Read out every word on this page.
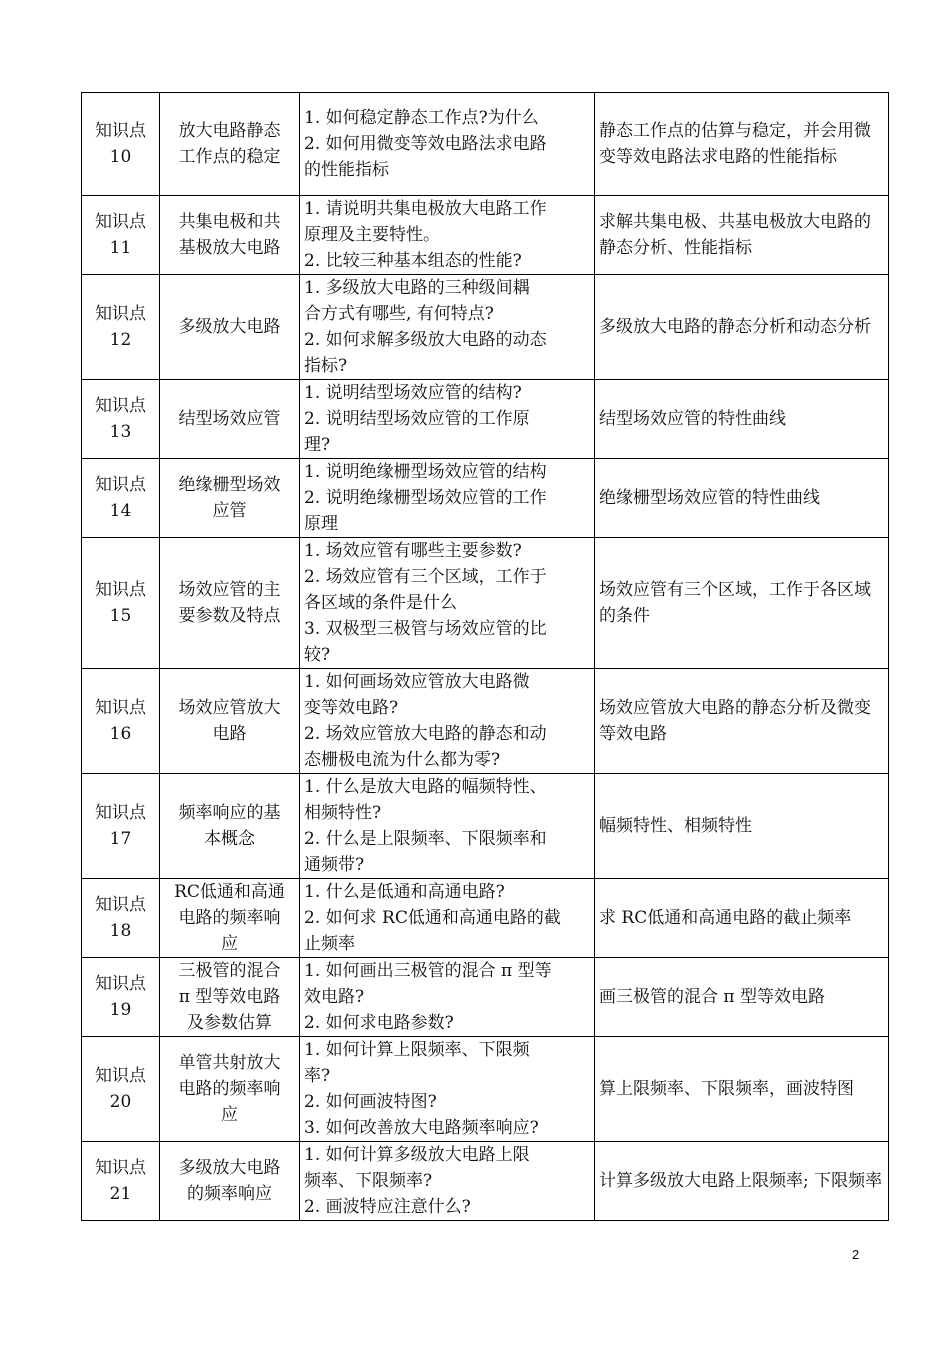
知识点
10	放大电路静态
工作点的稳定	1. 如何稳定静态工作点?为什么
2. 如何用微变等效电路法求电路
的性能指标	静态工作点的估算与稳定，并会用微变等效电路法求电路的性能指标

知识点
11	共集电极和共
基极放大电路	1. 请说明共集电极放大电路工作
原理及主要特性。
2. 比较三种基本组态的性能?	求解共集电极、共基电极放大电路的静态分析、性能指标

知识点
12	多级放大电路	1. 多级放大电路的三种级间耦
合方式有哪些, 有何特点?
2. 如何求解多级放大电路的动态
指标?	多级放大电路的静态分析和动态分析

知识点
13	结型场效应管	1. 说明结型场效应管的结构?
2. 说明结型场效应管的工作原
理?	结型场效应管的特性曲线

知识点
14	绝缘栅型场效
应管	1. 说明绝缘栅型场效应管的结构
2. 说明绝缘栅型场效应管的工作
原理	绝缘栅型场效应管的特性曲线

知识点
15	场效应管的主
要参数及特点	1. 场效应管有哪些主要参数?
2. 场效应管有三个区域，工作于
各区域的条件是什么
3. 双极型三极管与场效应管的比
较?	场效应管有三个区域，工作于各区域的条件

知识点
16	场效应管放大
电路	1. 如何画场效应管放大电路微
变等效电路?
2. 场效应管放大电路的静态和动
态栅极电流为什么都为零?	场效应管放大电路的静态分析及微变等效电路

知识点
17	频率响应的基
本概念	1. 什么是放大电路的幅频特性、
相频特性?
2. 什么是上限频率、下限频率和
通频带?	幅频特性、相频特性

知识点
18	RC低通和高通
电路的频率响
应	1. 什么是低通和高通电路?
2. 如何求 RC低通和高通电路的截
止频率	求 RC低通和高通电路的截止频率

知识点
19	三极管的混合
π 型等效电路
及参数估算	1. 如何画出三极管的混合 π 型等
效电路?
2. 如何求电路参数?	画三极管的混合 π 型等效电路

知识点
20	单管共射放大
电路的频率响
应	1. 如何计算上限频率、下限频
率?
2. 如何画波特图?
3. 如何改善放大电路频率响应?	算上限频率、下限频率，画波特图

知识点
21	多级放大电路
的频率响应	1. 如何计算多级放大电路上限
频率、下限频率?
2. 画波特应注意什么?	计算多级放大电路上限频率; 下限频率
2
